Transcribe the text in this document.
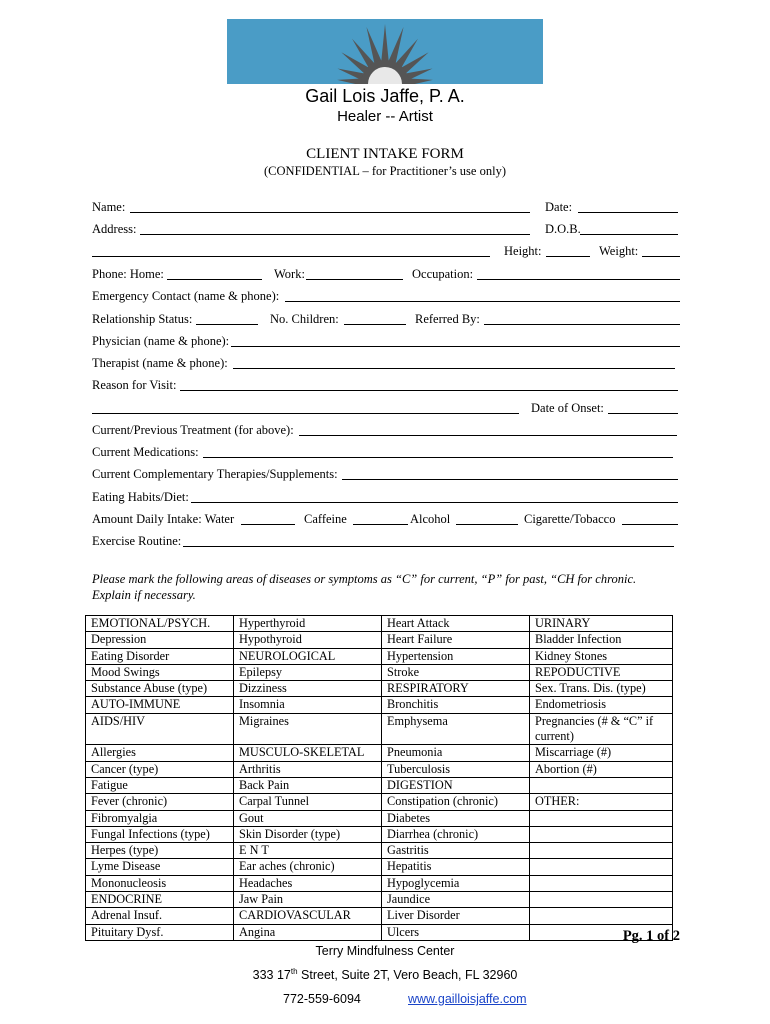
Gail Lois Jaffe, P. A.
Healer -- Artist
CLIENT INTAKE FORM
(CONFIDENTIAL – for Practitioner’s use only)
Name:	Date:
Address:	D.O.B.
Height:	Weight:
Phone: Home:	Work:	Occupation:
Emergency Contact (name & phone):
Relationship Status:	No. Children:	Referred By:
Physician (name & phone):
Therapist (name & phone):
Reason for Visit:
Date of Onset:
Current/Previous Treatment (for above):
Current Medications:
Current Complementary Therapies/Supplements:
Eating Habits/Diet:
Amount Daily Intake: Water	Caffeine	Alcohol	Cigarette/Tobacco
Exercise Routine:
Please mark the following areas of diseases or symptoms as “C” for current, “P” for past, “CH for chronic. Explain if necessary.
EMOTIONAL/PSYCH.	Hyperthyroid	Heart Attack	URINARY
Depression	Hypothyroid	Heart Failure	Bladder Infection
Eating Disorder	NEUROLOGICAL	Hypertension	Kidney Stones
Mood Swings	Epilepsy	Stroke	REPODUCTIVE
Substance Abuse (type)	Dizziness	RESPIRATORY	Sex. Trans. Dis. (type)
AUTO-IMMUNE	Insomnia	Bronchitis	Endometriosis
AIDS/HIV	Migraines	Emphysema	Pregnancies (# & “C” if current)
Allergies	MUSCULO-SKELETAL	Pneumonia	Miscarriage (#)
Cancer (type)	Arthritis	Tuberculosis	Abortion (#)
Fatigue	Back Pain	DIGESTION	
Fever (chronic)	Carpal Tunnel	Constipation (chronic)	OTHER:
Fibromyalgia	Gout	Diabetes	
Fungal Infections (type)	Skin Disorder (type)	Diarrhea (chronic)	
Herpes (type)	E N T	Gastritis	
Lyme Disease	Ear aches (chronic)	Hepatitis	
Mononucleosis	Headaches	Hypoglycemia	
ENDOCRINE	Jaw Pain	Jaundice	
Adrenal Insuf.	CARDIOVASCULAR	Liver Disorder	
Pituitary Dysf.	Angina	Ulcers		Pg. 1 of 2
Terry Mindfulness Center
333 17th Street, Suite 2T, Vero Beach, FL 32960
772-559-6094	www.gailloisjaffe.com
